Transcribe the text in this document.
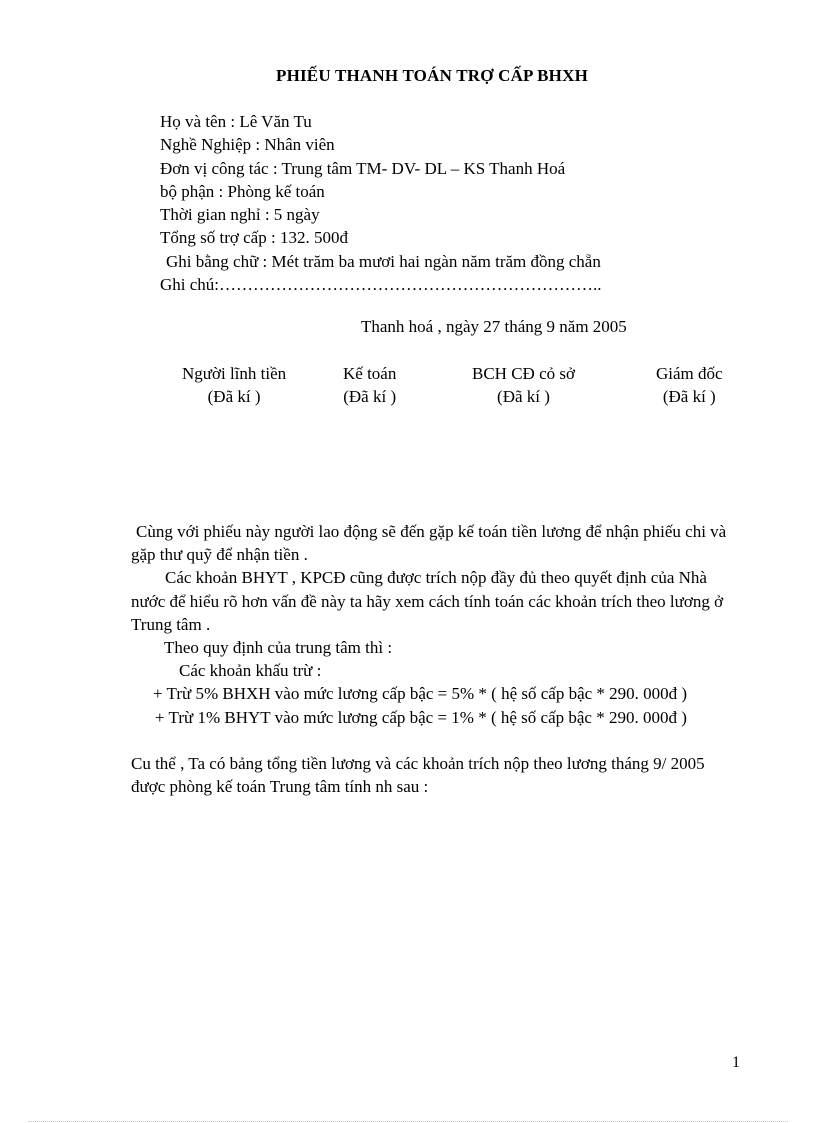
PHIẾU THANH TOÁN TRỢ CẤP BHXH
Họ và tên : Lê Văn Tu
Nghề Nghiệp : Nhân viên
Đơn vị công tác : Trung tâm TM- DV- DL – KS Thanh Hoá
bộ phận : Phòng kế toán
Thời gian nghỉ : 5 ngày
Tổng số trợ cấp : 132. 500đ
Ghi bằng chữ : Mét trăm ba mươi hai ngàn năm trăm đồng chẵn
Ghi chú:…………………………………………………………..
Thanh hoá , ngày 27 tháng 9 năm 2005
Người lĩnh tiền
(Đã kí )
Kế toán
(Đã kí )
BCH CĐ cỏ sở
(Đã kí )
Giám đốc
(Đã kí )

Cùng với phiếu này người lao động sẽ đến gặp kế toán tiền lương để nhận phiếu chi và gặp thư quỹ để nhận tiền .

Các khoản BHYT , KPCĐ cũng được trích nộp đầy đủ theo quyết định của Nhà nước để hiểu rõ hơn vấn đề này ta hãy xem cách tính toán các khoản trích theo lương ở Trung tâm .

Theo quy định của trung tâm thì :

Các khoản khấu trừ :

+ Trừ 5% BHXH vào mức lương cấp bậc = 5% * ( hệ số cấp bậc * 290. 000đ )

+ Trừ 1% BHYT vào mức lương cấp bậc = 1% * ( hệ số cấp bậc * 290. 000đ )

Cu thể , Ta có bảng tổng tiền lương và các khoản trích nộp theo lương tháng 9/ 2005 được phòng kế toán Trung tâm tính nh sau :

1
